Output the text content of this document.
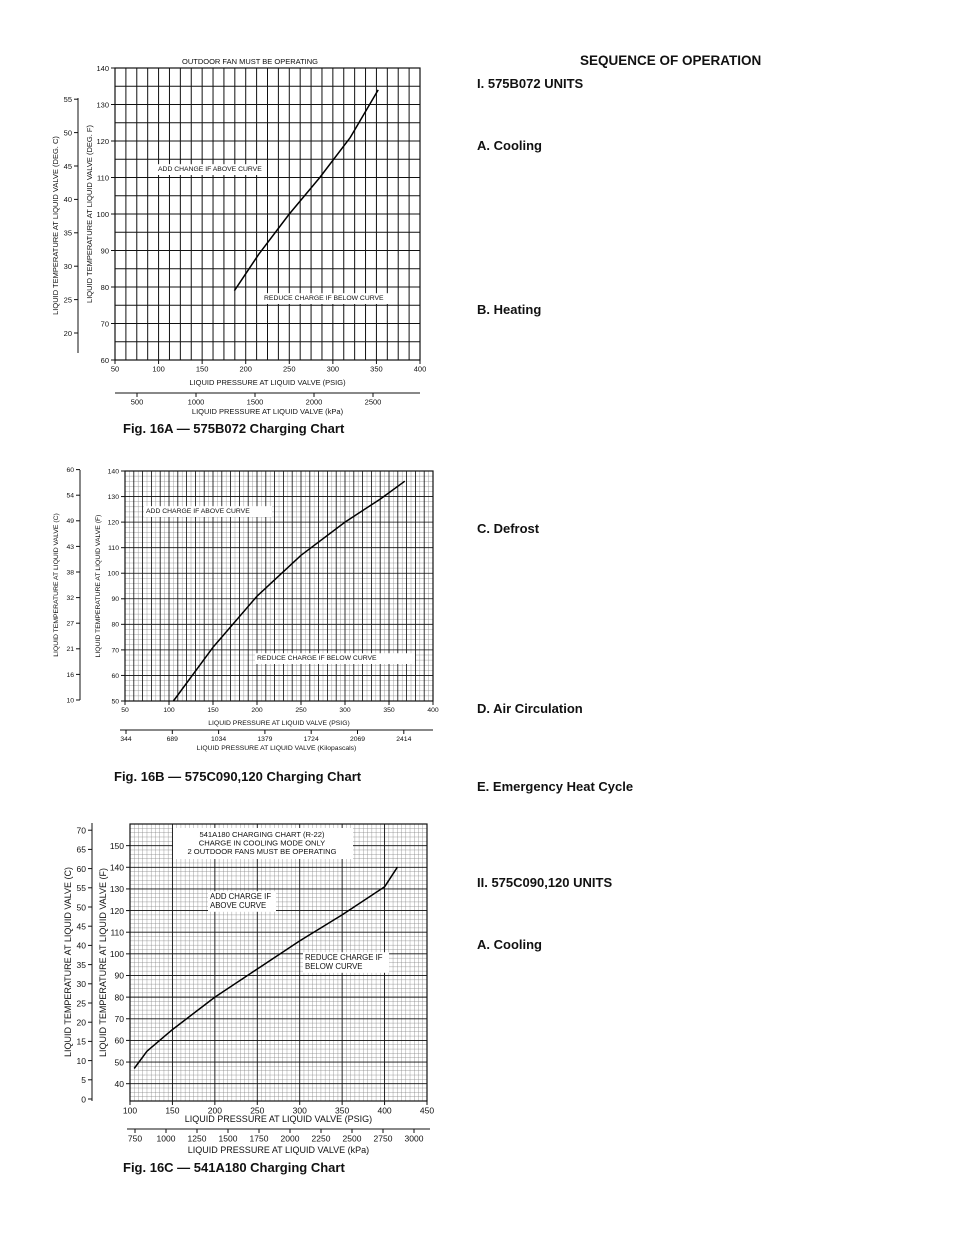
ADD CHANGE IF ABOVE CURVE
REDUCE CHARGE IF BELOW CURVE
50	100	150	200	250	300	350	400
60
70
80
90
100
110
120
130
140
LIQUID PRESSURE AT LIQUID VALVE (PSIG)
500	1000	1500	2000	2500
LIQUID PRESSURE AT LIQUID VALVE (kPa)
LIQUID TEMPERATURE AT LIQUID VALVE (DEG. F)
20
25
30
35
40
45
50
55
LIQUID TEMPERATURE AT LIQUID VALVE (DEG. C)
OUTDOOR FAN MUST BE OPERATING
Fig. 16A — 575B072 Charging Chart
ADD CHARGE IF ABOVE CURVE
REDUCE CHARGE IF BELOW CURVE
50	100	150	200	250	300	350	400
50
60
70
80
90
100
110
120
130
140
LIQUID PRESSURE AT LIQUID VALVE (PSIG)
344	689	1034	1379	1724	2069	2414
LIQUID PRESSURE AT LIQUID VALVE (Kilopascals)
LIQUID TEMPERATURE AT LIQUID VALVE (F)
10
16
21
27
32
38
43
49
54
60
LIQUID TEMPERATURE AT LIQUID VALVE (C)
Fig. 16B — 575C090,120 Charging Chart
ADD CHARGE IF ABOVE CURVE
REDUCE CHARGE IF BELOW CURVE
541A180 CHARGING CHART (R-22)
CHARGE IN COOLING MODE ONLY
2 OUTDOOR FANS MUST BE OPERATING
100	150	200	250	300	350	400	450
40
50
60
70
80
90
100
110
120
130
140
150
LIQUID PRESSURE AT LIQUID VALVE (PSIG)
750 1000 1250 1500 1750 2000 2250 2500 2750 3000
LIQUID PRESSURE AT LIQUID VALVE (kPa)
LIQUID TEMPERATURE AT LIQUID VALVE (F)
0
5
10
15
20
25
30
35
40
45
50
55
60
65
70
LIQUID TEMPERATURE AT LIQUID VALVE (C)
Fig. 16C — 541A180 Charging Chart
SEQUENCE OF OPERATION
I. 575B072 UNITS
A. Cooling
B. Heating
C. Defrost
D. Air Circulation
E. Emergency Heat Cycle
II. 575C090,120 UNITS
A. Cooling
